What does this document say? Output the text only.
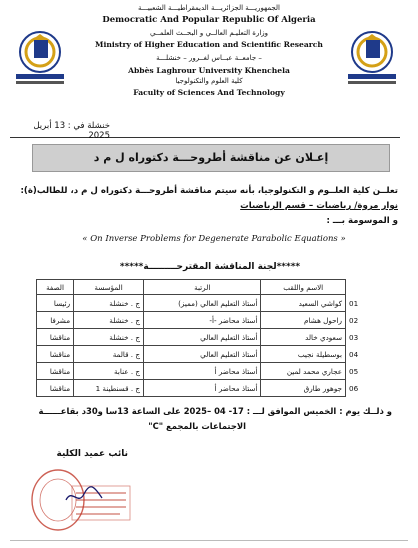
الجمهوريـــة الجزائريـــة الديمقراطيـــة الشعبيـــة
Democratic And Popular Republic Of Algeria
وزارة التعليـم العالــي و البحــث العلمــي
Ministry of Higher Education and Scientific Research
جامعــة عبــاس لغــرور – خنشلـــة –
Abbès Laghrour University Khenchela
كلية العلوم والتكنولوجيا
Faculty of Sciences And Technology
خنشلة في : 13 أبريل 2025
إعـلان عن مناقشة أطروحـــة دكتوراه ل م د
تعلــن كلية العلــوم و التكنولوجيا، بأنه سيتم مناقشة أطروحـــة دكتوراه ل م د، للطالب(ة):
نوار مروة/ رياضيات – قسم الرياضيات
و الموسومة بـــ :
« On Inverse Problems for Degenerate Parabolic Equations »
*****لجنة المناقشة المقترحـــــــــة*****
	الاسم واللقب	الرتبة	المؤسسة	الصفة
01	كواشي السعيد	أستاذ التعليم العالي (مميز)	ج . خنشلة	رئيسا
02	راحول هشام	أستاذ محاضر -أ-	ج . خنشلة	مشرفا
03	سعودي خالد	أستاذ التعليم العالي	ج . خنشلة	مناقشا
04	بوسطيلة نجيب	أستاذ التعليم العالي	ج . قالمة	مناقشا
05	عجاري محمد لمين	أستاذ محاضر أ	ج . عنابة	مناقشا
06	جوهور طارق	أستاذ محاضر أ	ج . قسنطينة 1	مناقشا
و ذلــك يوم : الخميس الموافق لـــ : 17- 04 –2025 على الساعة 13سا و30د بقاعــــــة
الاجتماعات بالمجمع "C"
نائب عميد الكلية
